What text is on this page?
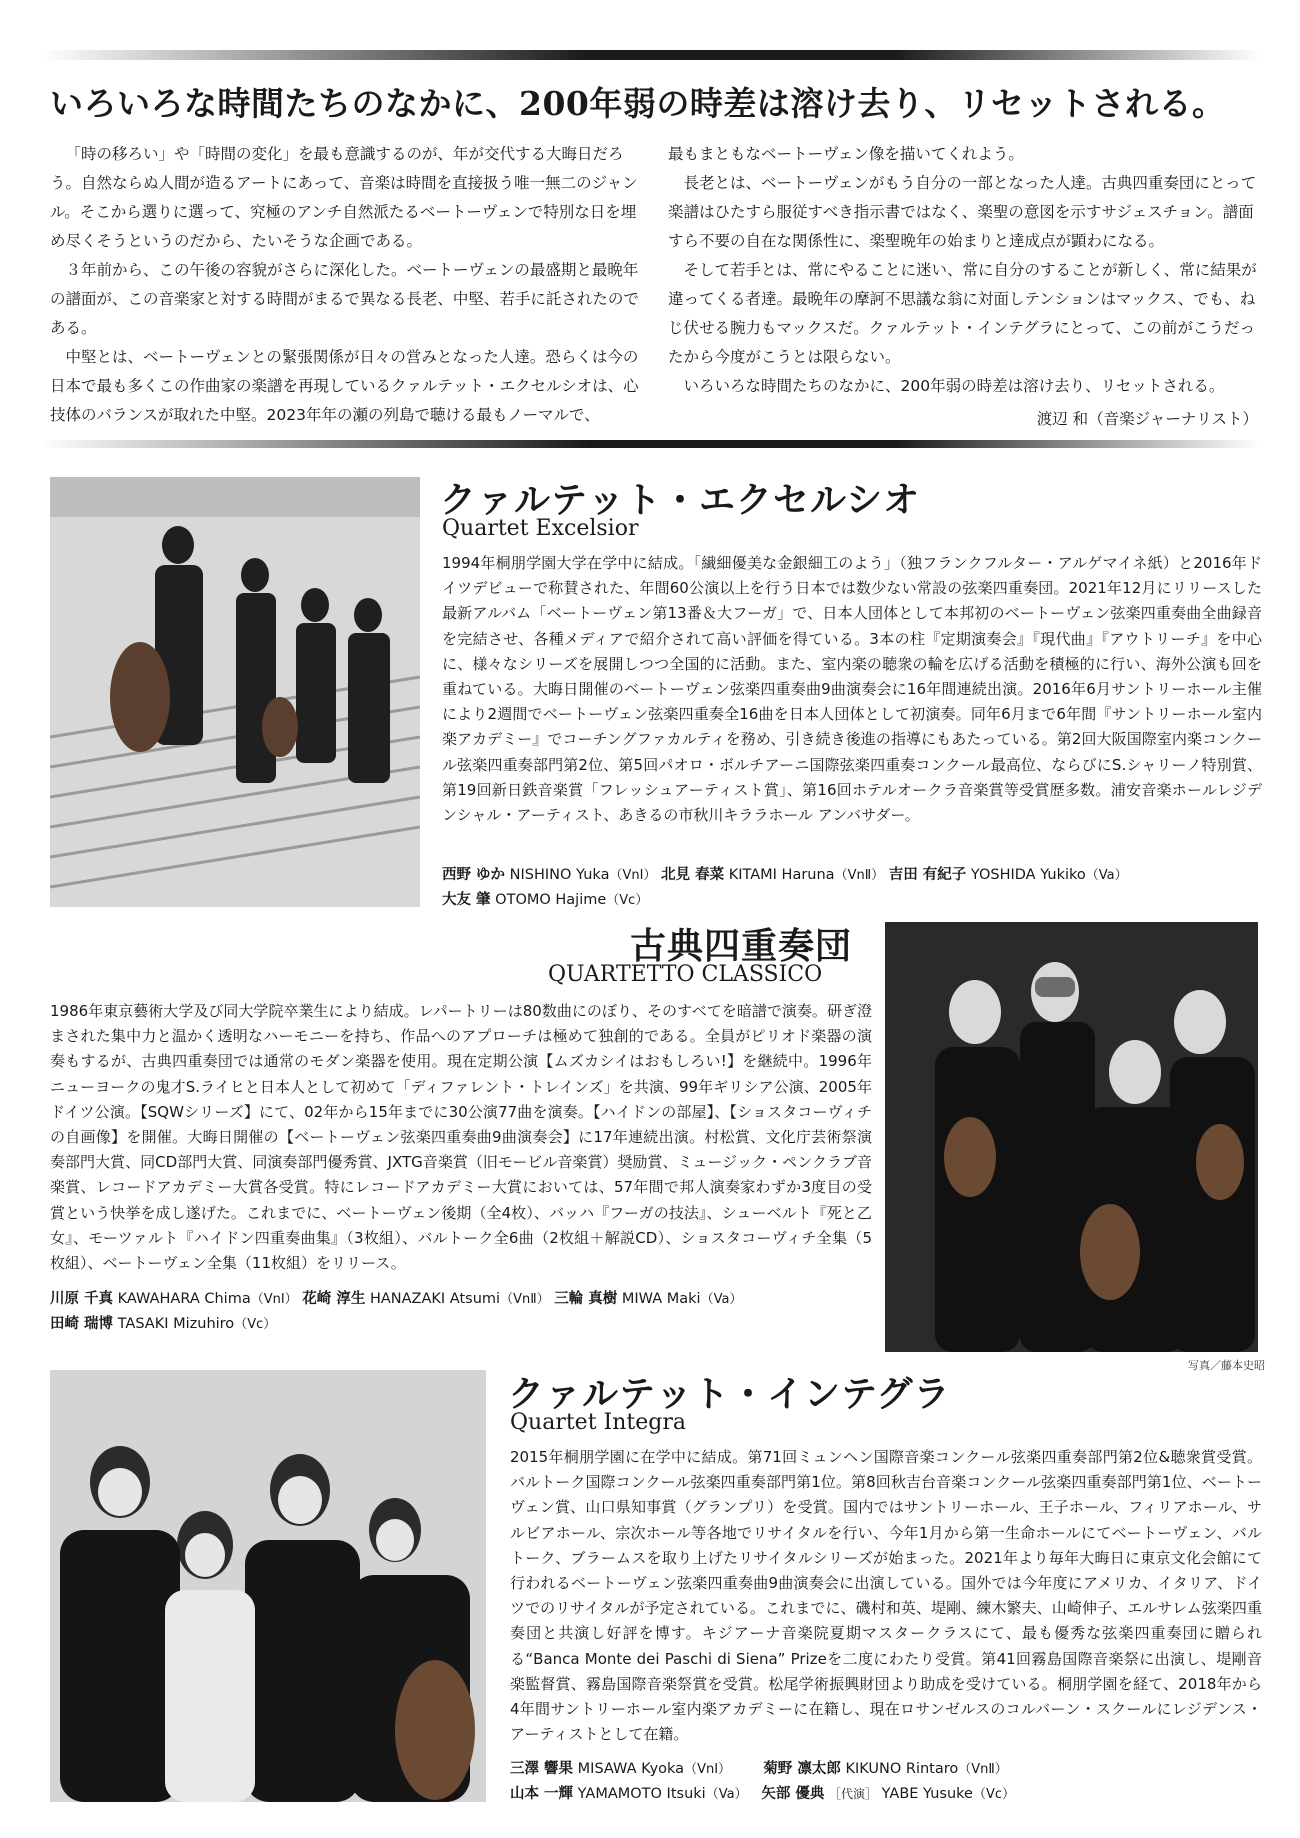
いろいろな時間たちのなかに、200年弱の時差は溶け去り、リセットされる。

「時の移ろい」や「時間の変化」を最も意識するのが、年が交代する大晦日だろう。自然ならぬ人間が造るアートにあって、音楽は時間を直接扱う唯一無二のジャンル。そこから選りに選って、究極のアンチ自然派たるベートーヴェンで特別な日を埋め尽くそうというのだから、たいそうな企画である。

３年前から、この午後の容貌がさらに深化した。ベートーヴェンの最盛期と最晩年の譜面が、この音楽家と対する時間がまるで異なる長老、中堅、若手に託されたのである。

中堅とは、ベートーヴェンとの緊張関係が日々の営みとなった人達。恐らくは今の日本で最も多くこの作曲家の楽譜を再現しているクァルテット・エクセルシオは、心技体のバランスが取れた中堅。2023年年の瀬の列島で聴ける最もノーマルで、

最もまともなベートーヴェン像を描いてくれよう。

長老とは、ベートーヴェンがもう自分の一部となった人達。古典四重奏団にとって楽譜はひたすら服従すべき指示書ではなく、楽聖の意図を示すサジェスチョン。譜面すら不要の自在な関係性に、楽聖晩年の始まりと達成点が顕わになる。

そして若手とは、常にやることに迷い、常に自分のすることが新しく、常に結果が違ってくる者達。最晩年の摩訶不思議な翁に対面しテンションはマックス、でも、ねじ伏せる腕力もマックスだ。クァルテット・インテグラにとって、この前がこうだったから今度がこうとは限らない。

いろいろな時間たちのなかに、200年弱の時差は溶け去り、リセットされる。

渡辺 和（音楽ジャーナリスト）

クァルテット・エクセルシオ
Quartet Excelsior

1994年桐朋学園大学在学中に結成。「繊細優美な金銀細工のよう」（独フランクフルター・アルゲマイネ紙）と2016年ドイツデビューで称賛された、年間60公演以上を行う日本では数少ない常設の弦楽四重奏団。2021年12月にリリースした最新アルバム「ベートーヴェン第13番＆大フーガ」で、日本人団体として本邦初のベートーヴェン弦楽四重奏曲全曲録音を完結させ、各種メディアで紹介されて高い評価を得ている。3本の柱『定期演奏会』『現代曲』『アウトリーチ』を中心に、様々なシリーズを展開しつつ全国的に活動。また、室内楽の聴衆の輪を広げる活動を積極的に行い、海外公演も回を重ねている。大晦日開催のベートーヴェン弦楽四重奏曲9曲演奏会に16年間連続出演。2016年6月サントリーホール主催により2週間でベートーヴェン弦楽四重奏全16曲を日本人団体として初演奏。同年6月まで6年間『サントリーホール室内楽アカデミー』でコーチングファカルティを務め、引き続き後進の指導にもあたっている。第2回大阪国際室内楽コンクール弦楽四重奏部門第2位、第5回パオロ・ボルチアーニ国際弦楽四重奏コンクール最高位、ならびにS.シャリーノ特別賞、第19回新日鉄音楽賞「フレッシュアーティスト賞」、第16回ホテルオークラ音楽賞等受賞歴多数。浦安音楽ホールレジデンシャル・アーティスト、あきるの市秋川キララホール アンバサダー。

西野 ゆか NISHINO Yuka（VnⅠ） 北見 春菜 KITAMI Haruna（VnⅡ） 吉田 有紀子 YOSHIDA Yukiko（Va）
大友 肇 OTOMO Hajime（Vc）
古典四重奏団
QUARTETTO CLASSICO

1986年東京藝術大学及び同大学院卒業生により結成。レパートリーは80数曲にのぼり、そのすべてを暗譜で演奏。研ぎ澄まされた集中力と温かく透明なハーモニーを持ち、作品へのアプローチは極めて独創的である。全員がピリオド楽器の演奏もするが、古典四重奏団では通常のモダン楽器を使用。現在定期公演【ムズカシイはおもしろい!】を継続中。1996年ニューヨークの鬼才S.ライヒと日本人として初めて「ディファレント・トレインズ」を共演、99年ギリシア公演、2005年ドイツ公演。【SQWシリーズ】にて、02年から15年までに30公演77曲を演奏。【ハイドンの部屋】、【ショスタコーヴィチの自画像】を開催。大晦日開催の【ベートーヴェン弦楽四重奏曲9曲演奏会】に17年連続出演。村松賞、文化庁芸術祭演奏部門大賞、同CD部門大賞、同演奏部門優秀賞、JXTG音楽賞（旧モービル音楽賞）奨励賞、ミュージック・ペンクラブ音楽賞、レコードアカデミー大賞各受賞。特にレコードアカデミー大賞においては、57年間で邦人演奏家わずか3度目の受賞という快挙を成し遂げた。これまでに、ベートーヴェン後期（全4枚）、バッハ『フーガの技法』、シューベルト『死と乙女』、モーツァルト『ハイドン四重奏曲集』（3枚組）、バルトーク全6曲（2枚組＋解説CD）、ショスタコーヴィチ全集（5枚組）、ベートーヴェン全集（11枚組）をリリース。

川原 千真 KAWAHARA Chima（VnⅠ） 花崎 淳生 HANAZAKI Atsumi（VnⅡ） 三輪 真樹 MIWA Maki（Va）
田崎 瑞博 TASAKI Mizuhiro（Vc）
写真／藤本史昭
クァルテット・インテグラ
Quartet Integra

2015年桐朋学園に在学中に結成。第71回ミュンヘン国際音楽コンクール弦楽四重奏部門第2位&聴衆賞受賞。バルトーク国際コンクール弦楽四重奏部門第1位。第8回秋吉台音楽コンクール弦楽四重奏部門第1位、ベートーヴェン賞、山口県知事賞（グランプリ）を受賞。国内ではサントリーホール、王子ホール、フィリアホール、サルビアホール、宗次ホール等各地でリサイタルを行い、今年1月から第一生命ホールにてベートーヴェン、バルトーク、ブラームスを取り上げたリサイタルシリーズが始まった。2021年より毎年大晦日に東京文化会館にて行われるベートーヴェン弦楽四重奏曲9曲演奏会に出演している。国外では今年度にアメリカ、イタリア、ドイツでのリサイタルが予定されている。これまでに、磯村和英、堤剛、練木繁夫、山崎伸子、エルサレム弦楽四重奏団と共演し好評を博す。キジアーナ音楽院夏期マスタークラスにて、最も優秀な弦楽四重奏団に贈られる“Banca Monte dei Paschi di Siena” Prizeを二度にわたり受賞。第41回霧島国際音楽祭に出演し、堤剛音楽監督賞、霧島国際音楽祭賞を受賞。松尾学術振興財団より助成を受けている。桐朋学園を経て、2018年から4年間サントリーホール室内楽アカデミーに在籍し、現在ロサンゼルスのコルバーン・スクールにレジデンス・アーティストとして在籍。

三澤 響果 MISAWA Kyoka（VnⅠ） 菊野 凛太郎 KIKUNO Rintaro（VnⅡ）
山本 一輝 YAMAMOTO Itsuki（Va） 矢部 優典 ［代演］ YABE Yusuke（Vc）
